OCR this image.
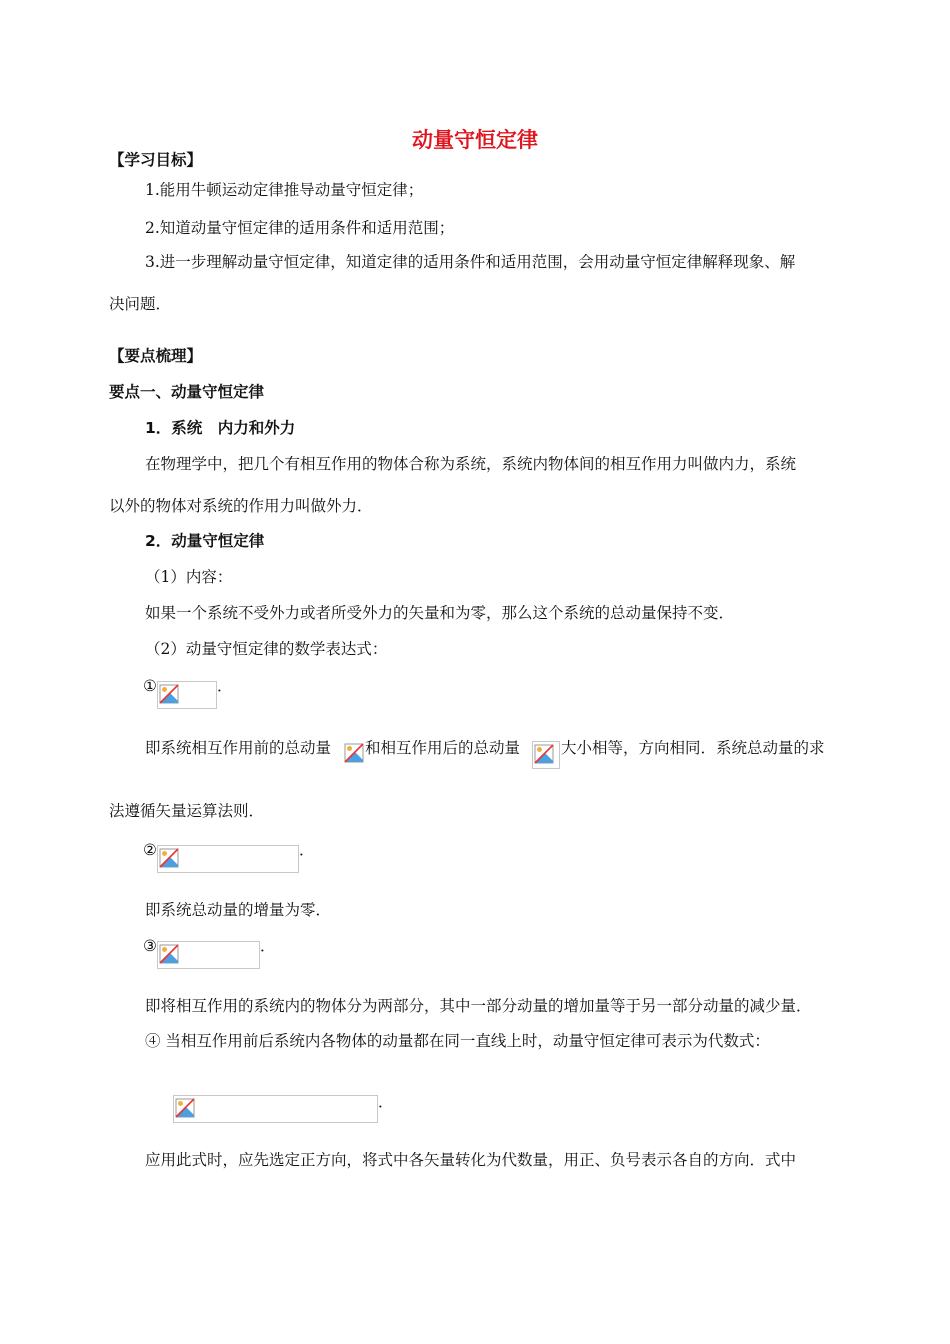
动量守恒定律
【学习目标】
1.能用牛顿运动定律推导动量守恒定律；
2.知道动量守恒定律的适用条件和适用范围；
3.进一步理解动量守恒定律，知道定律的适用条件和适用范围，会用动量守恒定律解释现象、解
决问题．
【要点梳理】
要点一、动量守恒定律
1．系统　内力和外力
在物理学中，把几个有相互作用的物体合称为系统，系统内物体间的相互作用力叫做内力，系统
以外的物体对系统的作用力叫做外力．
2．动量守恒定律
（1）内容：
如果一个系统不受外力或者所受外力的矢量和为零，那么这个系统的总动量保持不变．
（2）动量守恒定律的数学表达式：
①	．
即系统相互作用前的总动量 和相互作用后的总动量	大小相等，方向相同．系统总动量的求
法遵循矢量运算法则．
②	．
即系统总动量的增量为零．
③	．
即将相互作用的系统内的物体分为两部分，其中一部分动量的增加量等于另一部分动量的减少量．
④ 当相互作用前后系统内各物体的动量都在同一直线上时，动量守恒定律可表示为代数式：
．
应用此式时，应先选定正方向，将式中各矢量转化为代数量，用正、负号表示各自的方向．式中
